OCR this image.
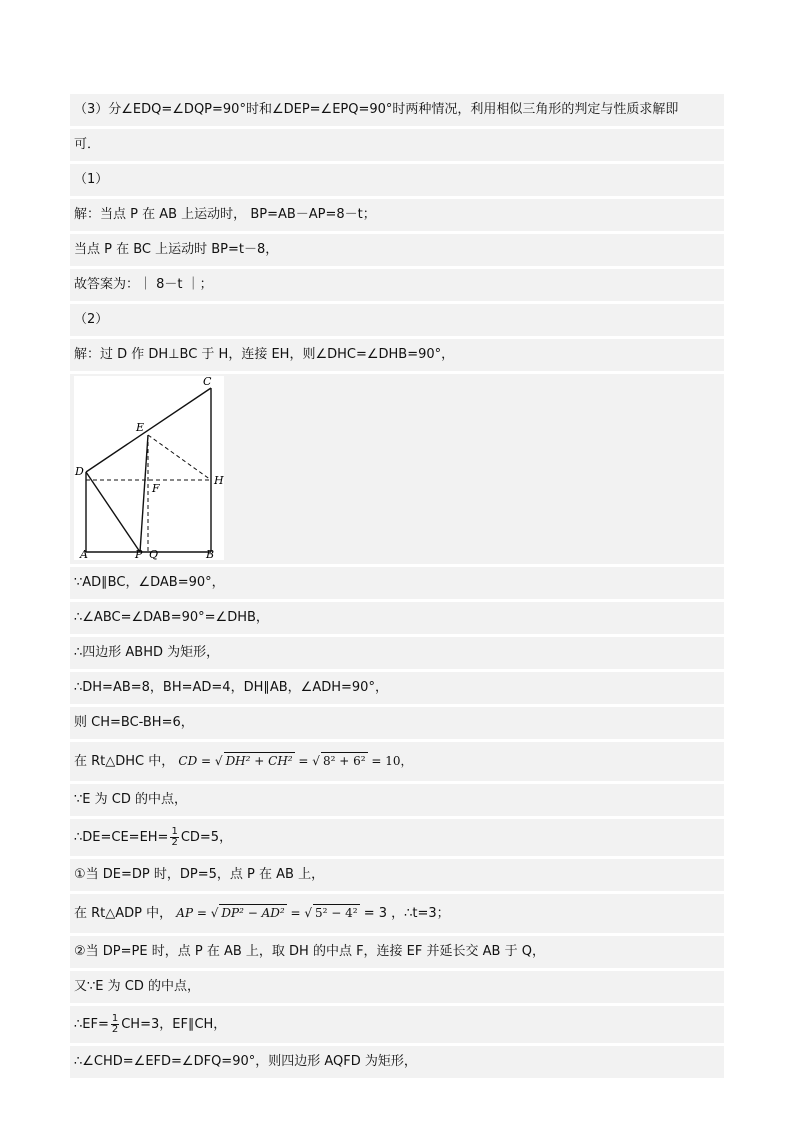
（3）分∠EDQ=∠DQP=90°时和∠DEP=∠EPQ=90°时两种情况，利用相似三角形的判定与性质求解即
可．
（1）
解：当点 P 在 AB 上运动时， BP=AB－AP=8－t；
当点 P 在 BC 上运动时 BP=t－8，
故答案为：｜ 8－t ｜；
（2）
解：过 D 作 DH⊥BC 于 H，连接 EH，则∠DHC=∠DHB=90°，
C
E
D
H
F
A	P Q	B
∵AD∥BC，∠DAB=90°，
∴∠ABC=∠DAB=90°=∠DHB，
∴四边形 ABHD 为矩形，
∴DH=AB=8，BH=AD=4，DH∥AB，∠ADH=90°，
则 CH=BC-BH=6，
在 Rt△DHC 中， CD = √ DH² + CH² = √ 8² + 6² = 10，
∵E 为 CD 的中点，
∴DE=CE=EH= $\frac{1}{2} CD=5$，
①当 DE=DP 时，DP=5，点 P 在 AB 上，
在 Rt△ADP 中， AP = √ DP² − AD² = √ 5² − 4² = 3 ，∴t=3；
②当 DP=PE 时，点 P 在 AB 上，取 DH 的中点 F，连接 EF 并延长交 AB 于 Q，
又∵E 为 CD 的中点，
∴EF= $\frac{1}{2} CH=3$，EF∥CH，
∴∠CHD=∠EFD=∠DFQ=90°，则四边形 AQFD 为矩形，
